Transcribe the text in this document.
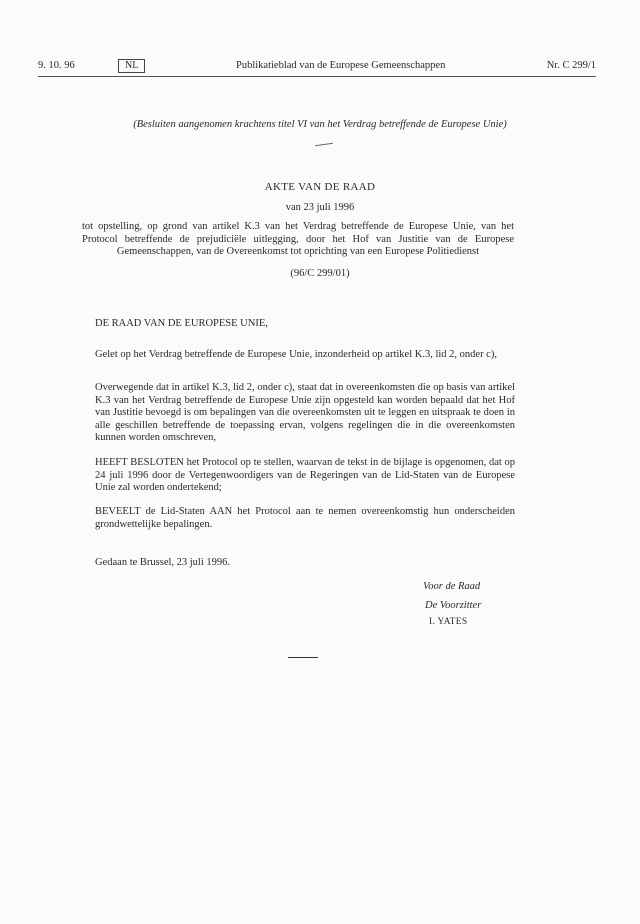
9. 10. 96	NL	Publikatieblad van de Europese Gemeenschappen	Nr. C 299/1
(Besluiten aangenomen krachtens titel VI van het Verdrag betreffende de Europese Unie)
AKTE VAN DE RAAD
van 23 juli 1996
tot opstelling, op grond van artikel K.3 van het Verdrag betreffende de Europese Unie, van het Protocol betreffende de prejudiciële uitlegging, door het Hof van Justitie van de Europese Gemeenschappen, van de Overeenkomst tot oprichting van een Europese Politiedienst
(96/C 299/01)
DE RAAD VAN DE EUROPESE UNIE,
Gelet op het Verdrag betreffende de Europese Unie, inzonderheid op artikel K.3, lid 2, onder c),
Overwegende dat in artikel K.3, lid 2, onder c), staat dat in overeenkomsten die op basis van artikel K.3 van het Verdrag betreffende de Europese Unie zijn opgesteld kan worden bepaald dat het Hof van Justitie bevoegd is om bepalingen van die overeenkomsten uit te leggen en uitspraak te doen in alle geschillen betreffende de toepassing ervan, volgens regelingen die in die overeenkomsten kunnen worden omschreven,
HEEFT BESLOTEN het Protocol op te stellen, waarvan de tekst in de bijlage is opgenomen, dat op 24 juli 1996 door de Vertegenwoordigers van de Regeringen van de Lid-Staten van de Europese Unie zal worden ondertekend;
BEVEELT de Lid-Staten AAN het Protocol aan te nemen overeenkomstig hun onderscheiden grondwettelijke bepalingen.
Gedaan te Brussel, 23 juli 1996.
Voor de Raad
De Voorzitter
I. YATES
